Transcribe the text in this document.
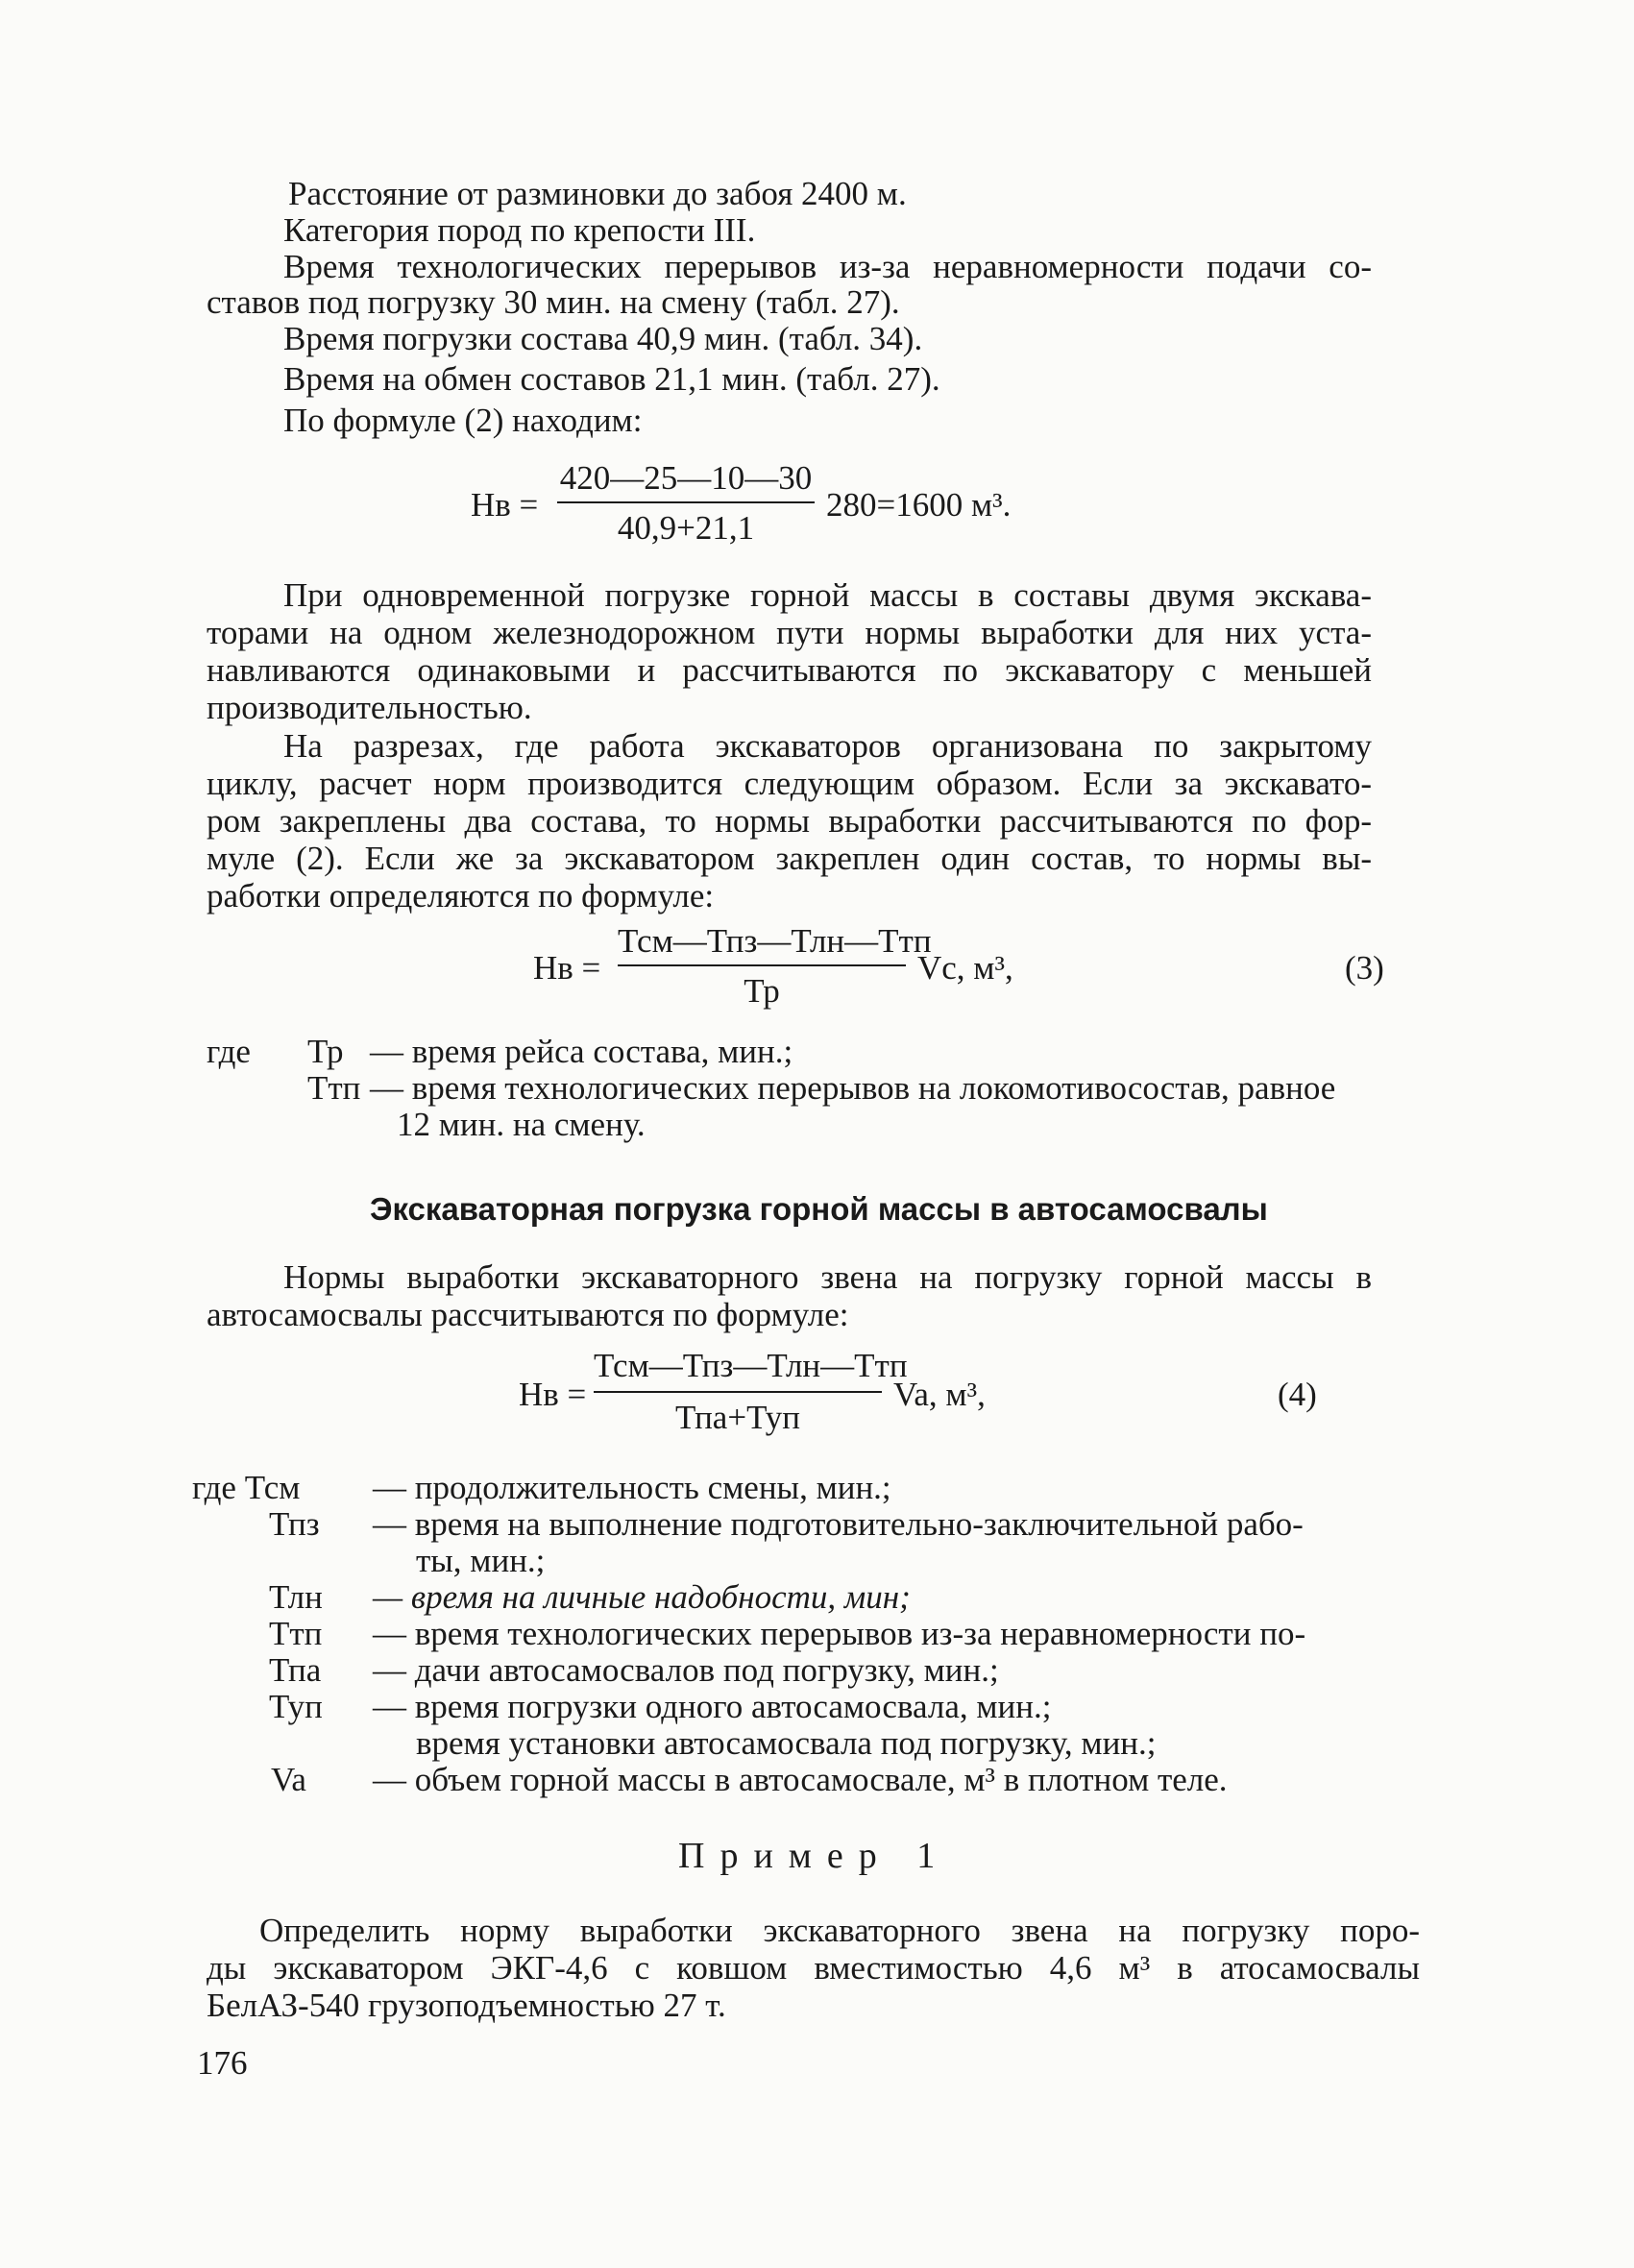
Расстояние от разминовки до забоя 2400 м.
Категория пород по крепости III.
Время технологических перерывов из-за неравномерности подачи со-
ставов под погрузку 30 мин. на смену (табл. 27).
Время погрузки состава 40,9 мин. (табл. 34).
Время на обмен составов 21,1 мин. (табл. 27).
По формуле (2) находим:
Нв =
420—25—10—30
40,9+21,1
280=1600 м³.
При одновременной погрузке горной массы в составы двумя экскава-
торами на одном железнодорожном пути нормы выработки для них уста-
навливаются одинаковыми и рассчитываются по экскаватору с меньшей
производительностью.
На разрезах, где работа экскаваторов организована по закрытому
циклу, расчет норм производится следующим образом. Если за экскавато-
ром закреплены два состава, то нормы выработки рассчитываются по фор-
муле (2). Если же за экскаватором закреплен один состав, то нормы вы-
работки определяются по формуле:
Нв =
Тсм—Тпз—Тлн—Ттп
Тр
Vс, м³,	(3)
где Тр — время рейса состава, мин.;
Ттп — время технологических перерывов на локомотивосостав, равное
12 мин. на смену.
Экскаваторная погрузка горной массы в автосамосвалы
Нормы выработки экскаваторного звена на погрузку горной массы в
автосамосвалы рассчитываются по формуле:
Нв =
Тсм—Тпз—Тлн—Ттп
Тпа+Туп
Va, м³,	(4)
где Тсм — продолжительность смены, мин.;
Тпз — время на выполнение подготовительно-заключительной рабо-
ты, мин.;
Тлн — время на личные надобности, мин;
Ттп — время технологических перерывов из-за неравномерности по-
Тпа — дачи автосамосвалов под погрузку, мин.;
Туп — время погрузки одного автосамосвала, мин.;
время установки автосамосвала под погрузку, мин.;
Va — объем горной массы в автосамосвале, м³ в плотном теле.
Пример 1
Определить норму выработки экскаваторного звена на погрузку поро-
ды экскаватором ЭКГ-4,6 с ковшом вместимостью 4,6 м³ в атосамосвалы
БелАЗ-540 грузоподъемностью 27 т.
176
